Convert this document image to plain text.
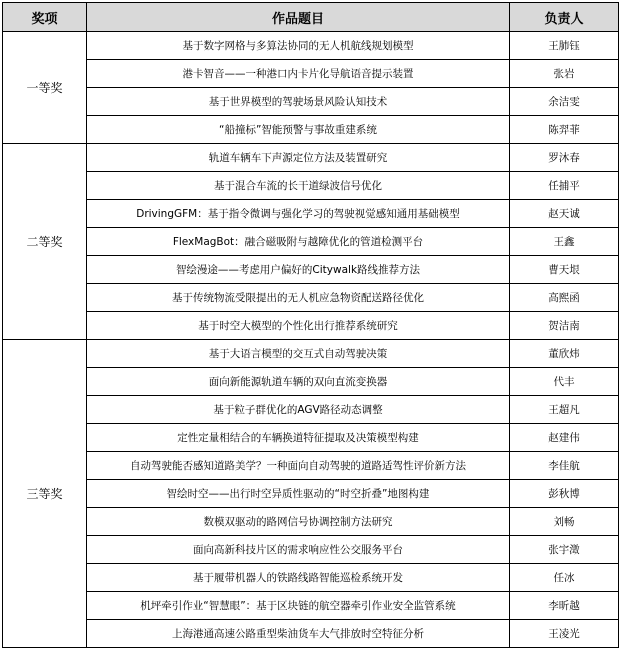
奖项	作品题目	负责人
一等奖	基于数字网格与多算法协同的无人机航线规划模型	王肺钰
	港卡智音——一种港口内卡片化导航语音提示装置	张岩
	基于世界模型的驾驶场景风险认知技术	余洁雯
	“船撞标”智能预警与事故重建系统	陈羿菲
二等奖	轨道车辆车下声源定位方法及装置研究	罗沐春
	基于混合车流的长干道绿波信号优化	任捕平
	DrivingGFM：基于指令微调与强化学习的驾驶视觉感知通用基础模型	赵天诚
	FlexMagBot：融合磁吸附与越障优化的管道检测平台	王鑫
	智绘漫途——考虑用户偏好的Citywalk路线推荐方法	曹天垠
	基于传统物流受限提出的无人机应急物资配送路径优化	高熙函
	基于时空大模型的个性化出行推荐系统研究	贺洁南
三等奖	基于大语言模型的交互式自动驾驶决策	董欣炜
	面向新能源轨道车辆的双向直流变换器	代丰
	基于粒子群优化的AGV路径动态调整	王超凡
	定性定量相结合的车辆换道特征提取及决策模型构建	赵建伟
	自动驾驶能否感知道路美学？一种面向自动驾驶的道路适驾性评价新方法	李佳航
	智绘时空——出行时空异质性驱动的“时空折叠”地图构建	彭秋博
	数模双驱动的路网信号协调控制方法研究	刘畅
	面向高新科技片区的需求响应性公交服务平台	张宇澂
	基于履带机器人的铁路线路智能巡检系统开发	任冰
	机坪牵引作业“智慧眼”：基于区块链的航空器牵引作业安全监管系统	李昕越
	上海港通高速公路重型柴油货车大气排放时空特征分析	王凌光
